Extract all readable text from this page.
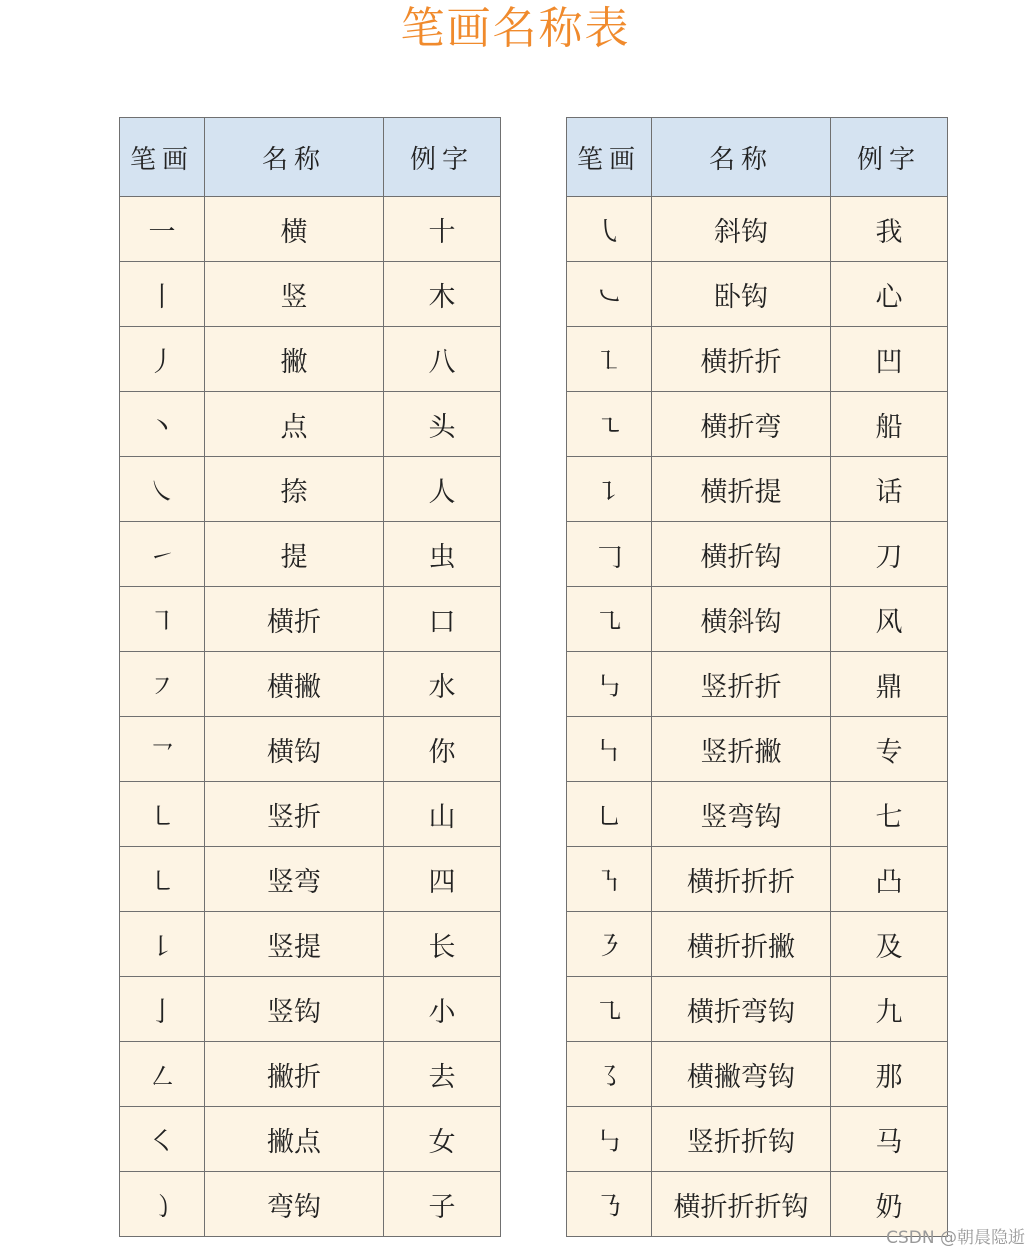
笔画名称表
笔画	名称	例字
一	横	十
丨	竖	木
丿	撇	八
丶	点	头
㇏	捺	人
㇀	提	虫
㇕	横折	口
㇇	横撇	水
㇖	横钩	你
㇄	竖折	山
㇄	竖弯	四
㇙	竖提	长
亅	竖钩	小
㇜	撇折	去
㇛	撇点	女
㇁	弯钩	子
笔画	名称	例字
㇂	斜钩	我
㇃	卧钩	心
㇅	横折折	凹
㇍	横折弯	船
㇊	横折提	话
𠃌	横折钩	刀
㇈	横斜钩	风
㇉	竖折折	鼎
㇞	竖折撇	专
㇟	竖弯钩	七
㇎	横折折折	凸
㇋	横折折撇	及
㇈	横折弯钩	九
㇌	横撇弯钩	那
㇉	竖折折钩	马
㇡	横折折折钩	奶
CSDN @朝晨隐逝
